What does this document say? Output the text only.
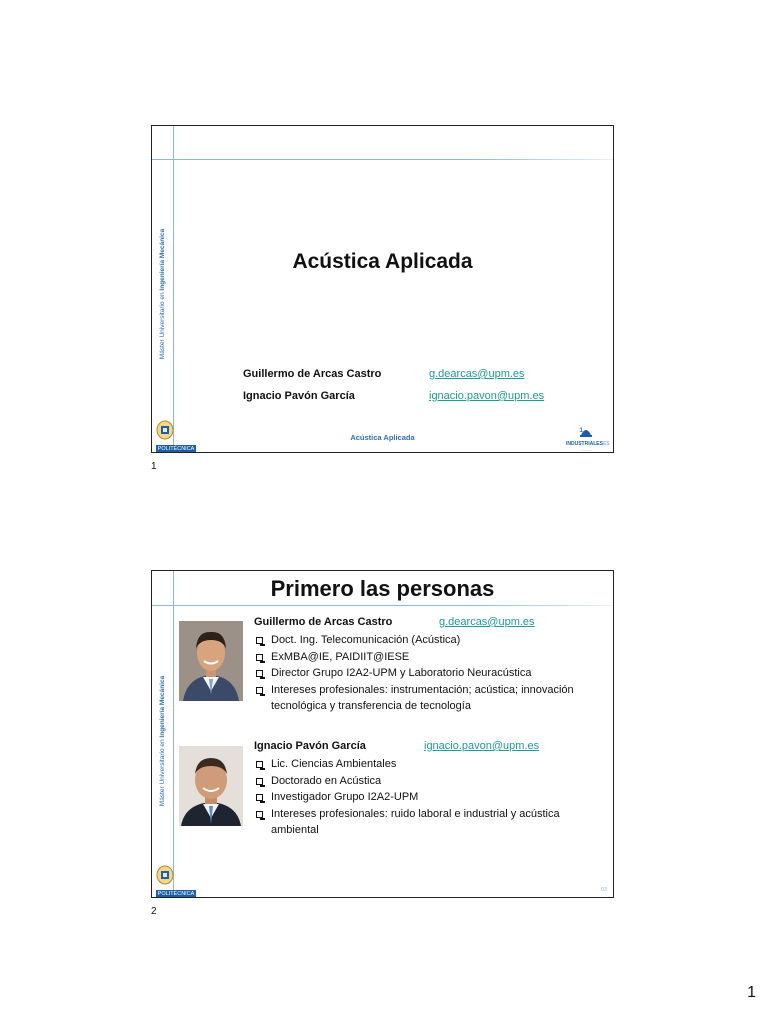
Máster Universitario en Ingeniería Mecánica	Acústica Aplicada
Guillermo de Arcas Castro	g.dearcas@upm.es
Ignacio Pavón García	ignacio.pavon@upm.es
POLITÉCNICA
Acústica Aplicada
1
INDUSTRIALESES
———
1
Máster Universitario en Ingeniería Mecánica
Primero las personas
Guillermo de Arcas Castro	g.dearcas@upm.es
Doct. Ing. Telecomunicación (Acústica)
ExMBA@IE, PAIDIIT@IESE
Director Grupo I2A2-UPM y Laboratorio Neuracústica
Intereses profesionales: instrumentación; acústica; innovación tecnológica y transferencia de tecnología
Ignacio Pavón García	ignacio.pavon@upm.es
Lic. Ciencias Ambientales
Doctorado en Acústica
Investigador Grupo I2A2-UPM
Intereses profesionales: ruido laboral e industrial y acústica ambiental
POLITÉCNICA
03
2
1
